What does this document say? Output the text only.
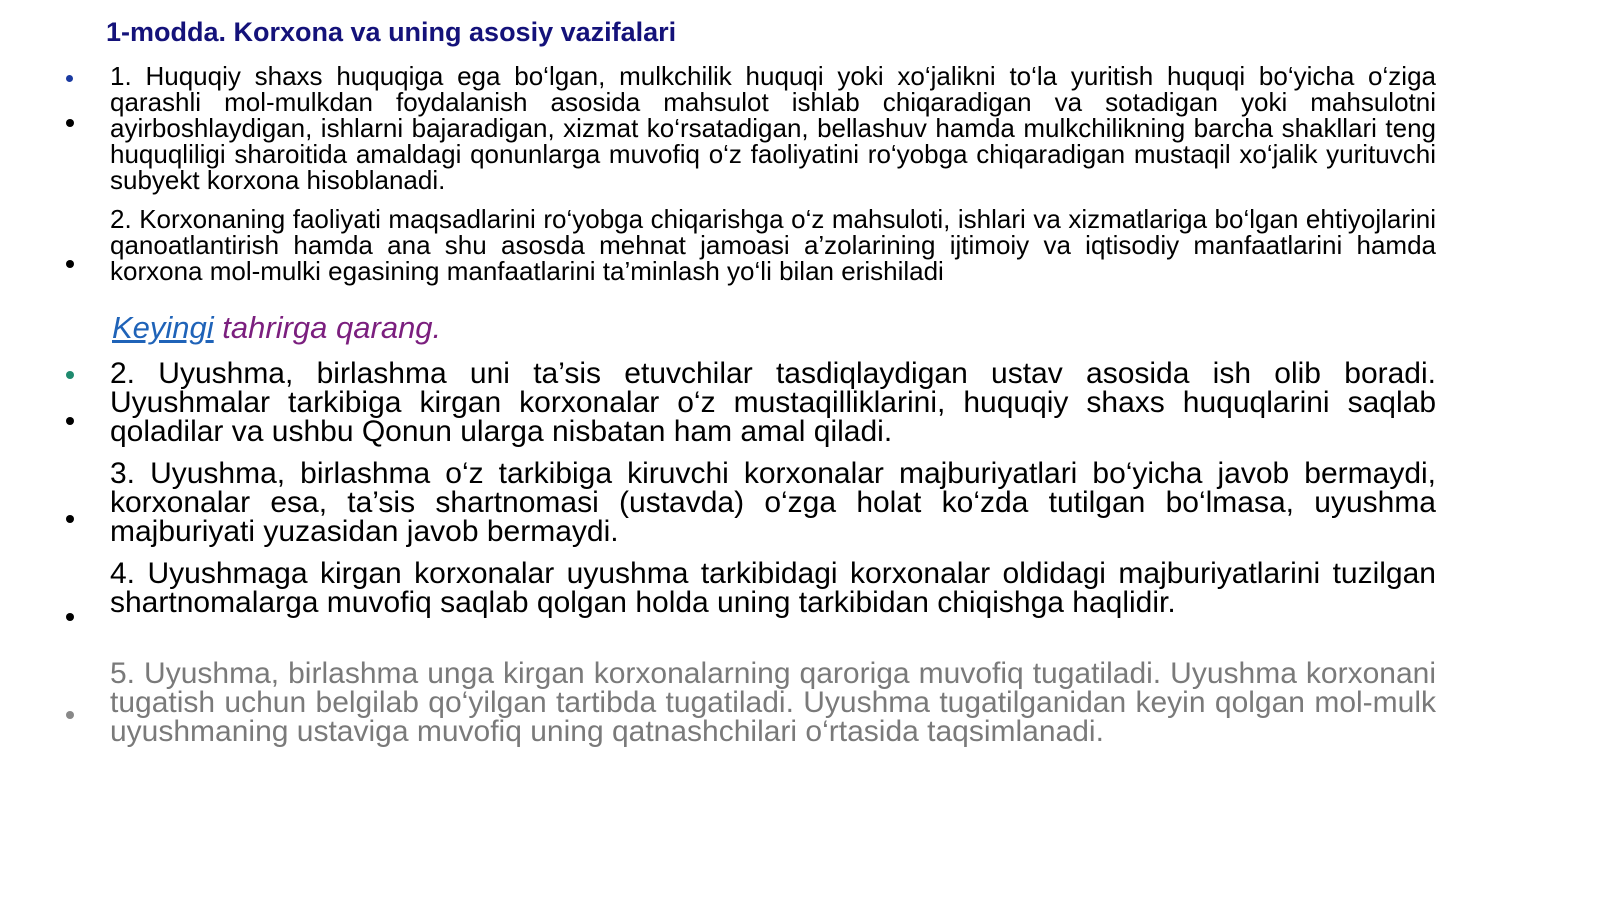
1-modda. Korxona va uning asosiy vazifalari
1. Huquqiy shaxs huquqiga ega bo‘lgan, mulkchilik huquqi yoki xo‘jalikni to‘la yuritish huquqi bo‘yicha o‘ziga qarashli mol-mulkdan foydalanish asosida mahsulot ishlab chiqaradigan va sotadigan yoki mahsulotni ayirboshlaydigan, ishlarni bajaradigan, xizmat ko‘rsatadigan, bellashuv hamda mulkchilikning barcha shakllari teng huquqliligi sharoitida amaldagi qonunlarga muvofiq o‘z faoliyatini ro‘yobga chiqaradigan mustaqil xo‘jalik yurituvchi subyekt korxona hisoblanadi.
2. Korxonaning faoliyati maqsadlarini ro‘yobga chiqarishga o‘z mahsuloti, ishlari va xizmatlariga bo‘lgan ehtiyojlarini qanoatlantirish hamda ana shu asosda mehnat jamoasi a’zolarining ijtimoiy va iqtisodiy manfaatlarini hamda korxona mol-mulki egasining manfaatlarini ta’minlash yo‘li bilan erishiladi
Keyingi tahrirga qarang.
2. Uyushma, birlashma uni ta’sis etuvchilar tasdiqlaydigan ustav asosida ish olib boradi. Uyushmalar tarkibiga kirgan korxonalar o‘z mustaqilliklarini, huquqiy shaxs huquqlarini saqlab qoladilar va ushbu Qonun ularga nisbatan ham amal qiladi.
3. Uyushma, birlashma o‘z tarkibiga kiruvchi korxonalar majburiyatlari bo‘yicha javob bermaydi, korxonalar esa, ta’sis shartnomasi (ustavda) o‘zga holat ko‘zda tutilgan bo‘lmasa, uyushma majburiyati yuzasidan javob bermaydi.
4. Uyushmaga kirgan korxonalar uyushma tarkibidagi korxonalar oldidagi majburiyatlarini tuzilgan shartnomalarga muvofiq saqlab qolgan holda uning tarkibidan chiqishga haqlidir.
5. Uyushma, birlashma unga kirgan korxonalarning qaroriga muvofiq tugatiladi. Uyushma korxonani tugatish uchun belgilab qo‘yilgan tartibda tugatiladi. Uyushma tugatilganidan keyin qolgan mol-mulk uyushmaning ustaviga muvofiq uning qatnashchilari o‘rtasida taqsimlanadi.
